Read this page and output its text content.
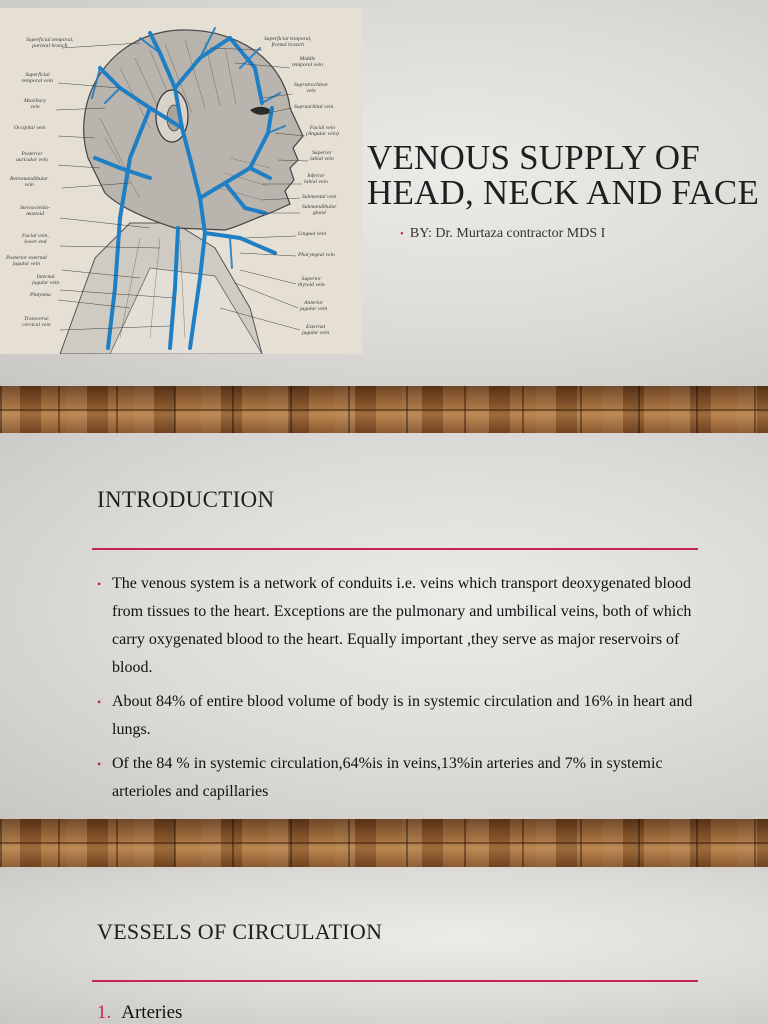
Superficial temporal,
parietal branch
Superficial
temporal vein
Maxillary
vein
Occipital vein
Posterior
auricular vein
Retromandibular
vein
Sternocleido-
mastoid
Facial vein,
lower end
Posterior external
jugular vein
Internal
jugular vein
Platysma
Transverse
cervical vein
Superficial temporal,
frontal branch
Middle
temporal vein
Supratrochlear
vein
Supraorbital vein
Facial vein
(Angular vein)
Superior
labial vein
Inferior
labial vein
Submental vein
Submandibular
gland
Lingual vein
Pharyngeal vein
Superior
thyroid vein
Anterior
jugular vein
External
jugular vein
VENOUS SUPPLY OF
HEAD, NECK AND FACE
• BY: Dr. Murtaza contractor MDS I
INTRODUCTION
• The venous system is a network of conduits i.e. veins which transport deoxygenated blood from tissues to the heart. Exceptions are the pulmonary and umbilical veins, both of which carry oxygenated blood to the heart. Equally important ,they serve as major reservoirs of blood.
• About 84% of entire blood volume of body is in systemic circulation and 16% in heart and lungs.
• Of the 84 % in systemic circulation,64%is in veins,13%in arteries and 7% in systemic arterioles and capillaries
VESSELS OF CIRCULATION
1. Arteries
